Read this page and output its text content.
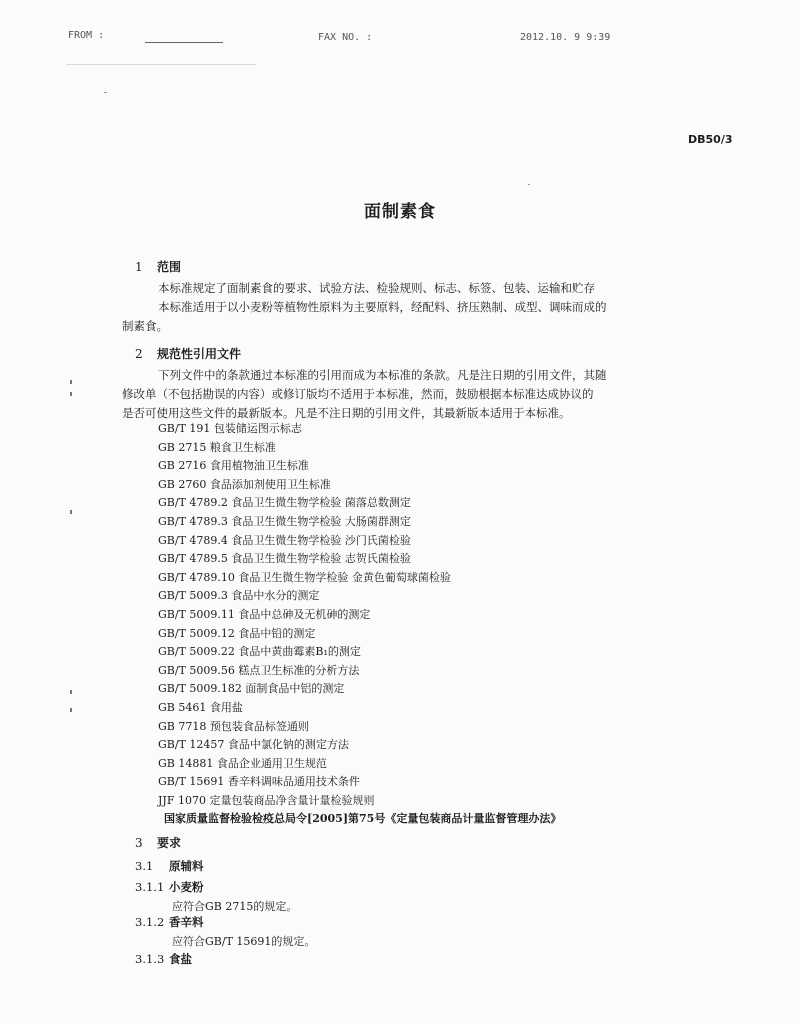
FROM :	FAX NO. :	2012.10. 9 9:39
DB50/3
面制素食
1 范围
本标准规定了面制素食的要求、试验方法、检验规则、标志、标签、包装、运输和贮存
本标准适用于以小麦粉等植物性原料为主要原料，经配料、挤压熟制、成型、调味而成的
制素食。
2 规范性引用文件
下列文件中的条款通过本标准的引用而成为本标准的条款。凡是注日期的引用文件，其随
修改单（不包括勘误的内容）或修订版均不适用于本标准，然而，鼓励根据本标准达成协议的
是否可使用这些文件的最新版本。凡是不注日期的引用文件，其最新版本适用于本标准。
GB/T 191 包装储运图示标志
GB 2715 粮食卫生标准
GB 2716 食用植物油卫生标准
GB 2760 食品添加剂使用卫生标准
GB/T 4789.2 食品卫生微生物学检验 菌落总数测定
GB/T 4789.3 食品卫生微生物学检验 大肠菌群测定
GB/T 4789.4 食品卫生微生物学检验 沙门氏菌检验
GB/T 4789.5 食品卫生微生物学检验 志贺氏菌检验
GB/T 4789.10 食品卫生微生物学检验 金黄色葡萄球菌检验
GB/T 5009.3 食品中水分的测定
GB/T 5009.11 食品中总砷及无机砷的测定
GB/T 5009.12 食品中铅的测定
GB/T 5009.22 食品中黄曲霉素B₁的测定
GB/T 5009.56 糕点卫生标准的分析方法
GB/T 5009.182 面制食品中铝的测定
GB 5461 食用盐
GB 7718 预包装食品标签通则
GB/T 12457 食品中氯化钠的测定方法
GB 14881 食品企业通用卫生规范
GB/T 15691 香辛料调味品通用技术条件
JJF 1070 定量包装商品净含量计量检验规则
国家质量监督检验检疫总局令[2005]第75号《定量包装商品计量监督管理办法》
3 要求
3.1 原辅料
3.1.1 小麦粉
应符合GB 2715的规定。
3.1.2 香辛料
应符合GB/T 15691的规定。
3.1.3 食盐
